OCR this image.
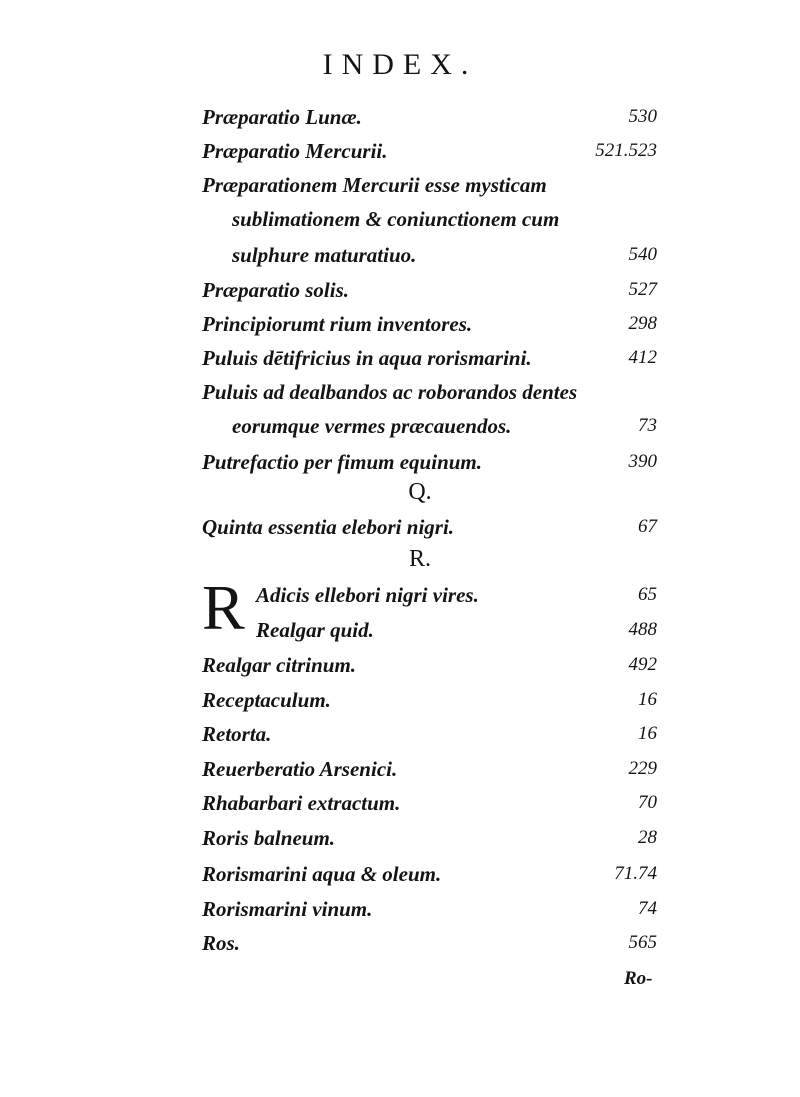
INDEX.
Præparatio Lunæ.	530
Præparatio Mercurii.	521.523
Præparationem Mercurii esse mysticam
sublimationem & coniunctionem cum
sulphure maturatiuo.	540
Præparatio solis.	527
Principiorumt rium inventores.	298
Puluis dētifricius in aqua rorismarini.	412
Puluis ad dealbandos ac roborandos dentes
eorumque vermes præcauendos.	73
Putrefactio per fimum equinum.	390
Q.
Quinta essentia elebori nigri.	67
R.
R Adicis ellebori nigri vires.	65
Realgar quid.	488
Realgar citrinum.	492
Receptaculum.	16
Retorta.	16
Reuerberatio Arsenici.	229
Rhabarbari extractum.	70
Roris balneum.	28
Rorismarini aqua & oleum.	71.74
Rorismarini vinum.	74
Ros.	565
Ro-
